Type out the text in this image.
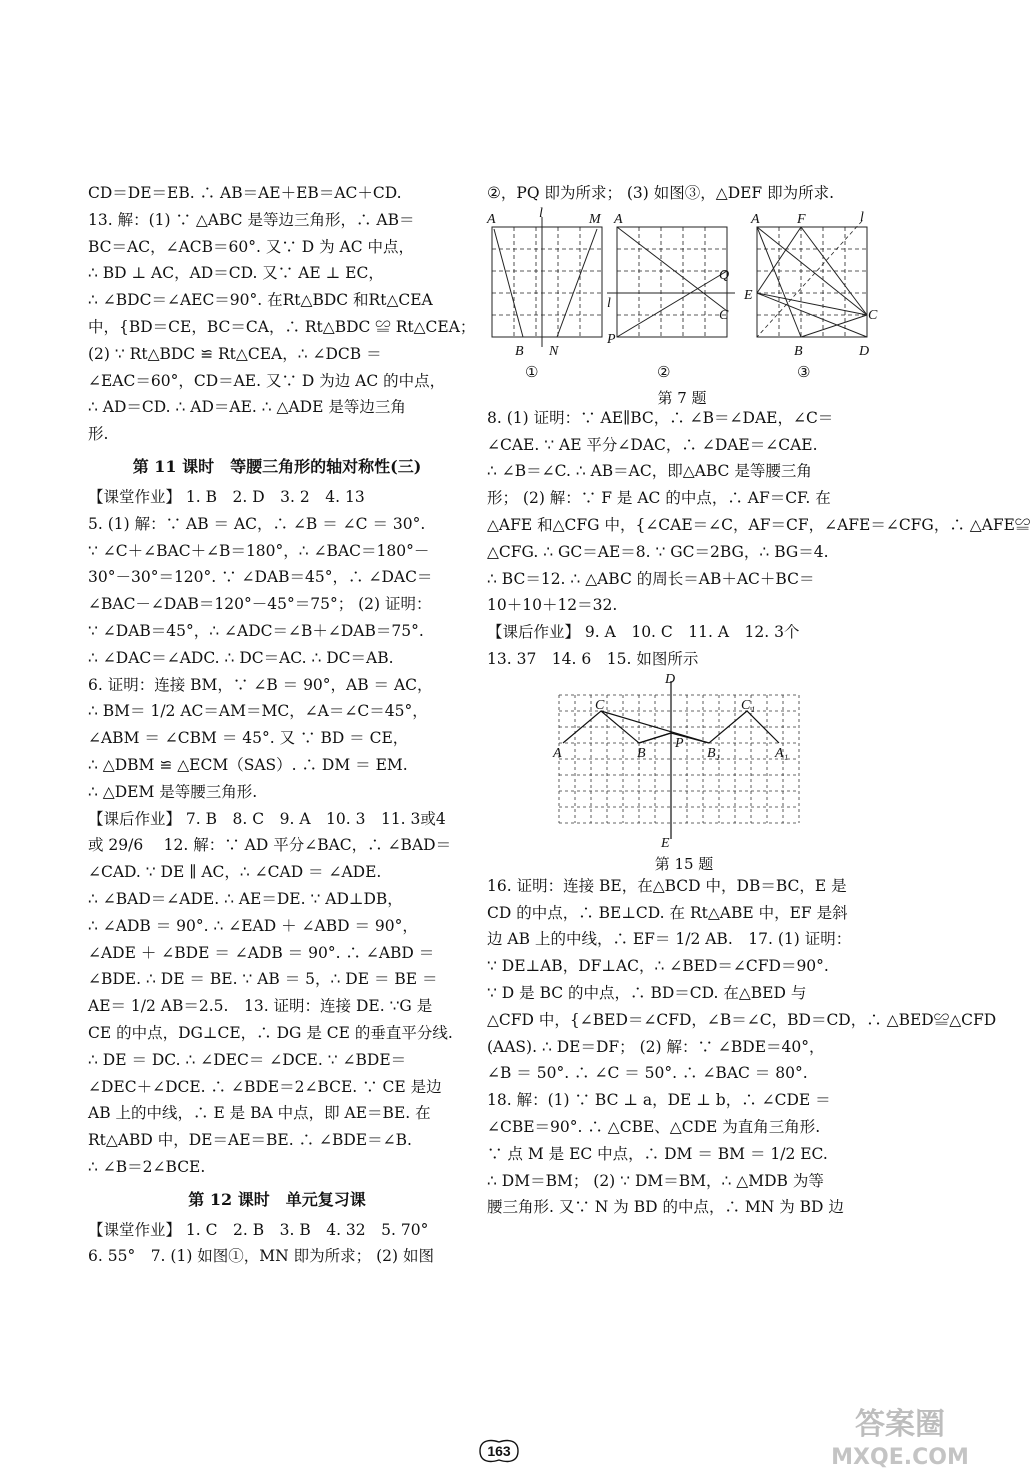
CD＝DE＝EB. ∴ AB＝AE＋EB＝AC＋CD.
13. 解：(1) ∵ △ABC 是等边三角形，∴ AB＝
BC＝AC，∠ACB＝60°. 又∵ D 为 AC 中点，
∴ BD ⊥ AC，AD＝CD. 又∵ AE ⊥ EC，
∴ ∠BDC＝∠AEC＝90°. 在Rt△BDC 和Rt△CEA
中，{BD＝CE，BC＝CA，∴ Rt△BDC ≌ Rt△CEA；
(2) ∵ Rt△BDC ≌ Rt△CEA，∴ ∠DCB ＝
∠EAC＝60°，CD＝AE. 又∵ D 为边 AC 的中点，
∴ AD＝CD. ∴ AD＝AE. ∴ △ADE 是等边三角
形.
第 11 课时　等腰三角形的轴对称性(三)
【课堂作业】 1. B　2. D　3. 2　4. 13
5. (1) 解：∵ AB ＝ AC，∴ ∠B ＝ ∠C ＝ 30°.
∵ ∠C＋∠BAC＋∠B＝180°，∴ ∠BAC＝180°－
30°－30°＝120°. ∵ ∠DAB＝45°，∴ ∠DAC＝
∠BAC－∠DAB＝120°－45°＝75°； (2) 证明：
∵ ∠DAB＝45°，∴ ∠ADC＝∠B＋∠DAB＝75°.
∴ ∠DAC＝∠ADC. ∴ DC＝AC. ∴ DC＝AB.
6. 证明：连接 BM，∵ ∠B ＝ 90°，AB ＝ AC，
∴ BM＝ 1/2 AC＝AM＝MC，∠A＝∠C＝45°，
∠ABM ＝ ∠CBM ＝ 45°. 又 ∵ BD ＝ CE，
∴ △DBM ≌ △ECM（SAS）. ∴ DM ＝ EM.
∴ △DEM 是等腰三角形.
【课后作业】 7. B　8. C　9. A　10. 3　11. 3或4
或 29/6 　12. 解：∵ AD 平分∠BAC，∴ ∠BAD＝
∠CAD. ∵ DE ∥ AC，∴ ∠CAD ＝ ∠ADE.
∴ ∠BAD＝∠ADE. ∴ AE＝DE. ∵ AD⊥DB，
∴ ∠ADB ＝ 90°. ∴ ∠EAD ＋ ∠ABD ＝ 90°，
∠ADE ＋ ∠BDE ＝ ∠ADB ＝ 90°. ∴ ∠ABD ＝
∠BDE. ∴ DE ＝ BE. ∵ AB ＝ 5，∴ DE ＝ BE ＝
AE＝ 1/2 AB＝2.5.　13. 证明：连接 DE. ∵G 是
CE 的中点，DG⊥CE，∴ DG 是 CE 的垂直平分线.
∴ DE ＝ DC. ∴ ∠DEC＝ ∠DCE. ∵ ∠BDE＝
∠DEC＋∠DCE. ∴ ∠BDE＝2∠BCE. ∵ CE 是边
AB 上的中线，∴ E 是 BA 中点，即 AE＝BE. 在
Rt△ABD 中，DE＝AE＝BE. ∴ ∠BDE＝∠B.
∴ ∠B＝2∠BCE.
第 12 课时　单元复习课
【课堂作业】 1. C　2. B　3. B　4. 32　5. 70°
6. 55°　7. (1) 如图①，MN 即为所求； (2) 如图
②，PQ 即为所求； (3) 如图③，△DEF 即为所求.
A	l	M
B N
A
Q
l
C
P
A	F	l
E
C
B	D
①	②	③
第 7 题
8. (1) 证明：∵ AE∥BC，∴ ∠B＝∠DAE，∠C＝
∠CAE. ∵ AE 平分∠DAC，∴ ∠DAE＝∠CAE.
∴ ∠B＝∠C. ∴ AB＝AC，即△ABC 是等腰三角
形； (2) 解：∵ F 是 AC 的中点，∴ AF＝CF. 在
△AFE 和△CFG 中，{∠CAE＝∠C，AF＝CF，∠AFE＝∠CFG，∴ △AFE≌
△CFG. ∴ GC＝AE＝8. ∵ GC＝2BG，∴ BG＝4.
∴ BC＝12. ∴ △ABC 的周长＝AB＋AC＋BC＝
10＋10＋12＝32.
【课后作业】 9. A　10. C　11. A　12. 3个
13. 37　14. 6　15. 如图所示
D
C	C₁
A	B
P
B₁	A₁
E
第 15 题
16. 证明：连接 BE，在△BCD 中，DB＝BC，E 是
CD 的中点，∴ BE⊥CD. 在 Rt△ABE 中，EF 是斜
边 AB 上的中线，∴ EF＝ 1/2 AB.　17. (1) 证明：
∵ DE⊥AB，DF⊥AC，∴ ∠BED＝∠CFD＝90°.
∵ D 是 BC 的中点，∴ BD＝CD. 在△BED 与
△CFD 中，{∠BED＝∠CFD，∠B＝∠C，BD＝CD，∴ △BED≌△CFD
(AAS). ∴ DE＝DF； (2) 解：∵ ∠BDE＝40°，
∠B ＝ 50°. ∴ ∠C ＝ 50°. ∴ ∠BAC ＝ 80°.
18. 解：(1) ∵ BC ⊥ a，DE ⊥ b，∴ ∠CDE ＝
∠CBE＝90°. ∴ △CBE、△CDE 为直角三角形.
∵ 点 M 是 EC 中点，∴ DM ＝ BM ＝ 1/2 EC.
∴ DM＝BM； (2) ∵ DM＝BM，∴ △MDB 为等
腰三角形. 又∵ N 为 BD 的中点，∴ MN 为 BD 边
163
答案圈
MXQE.COM
